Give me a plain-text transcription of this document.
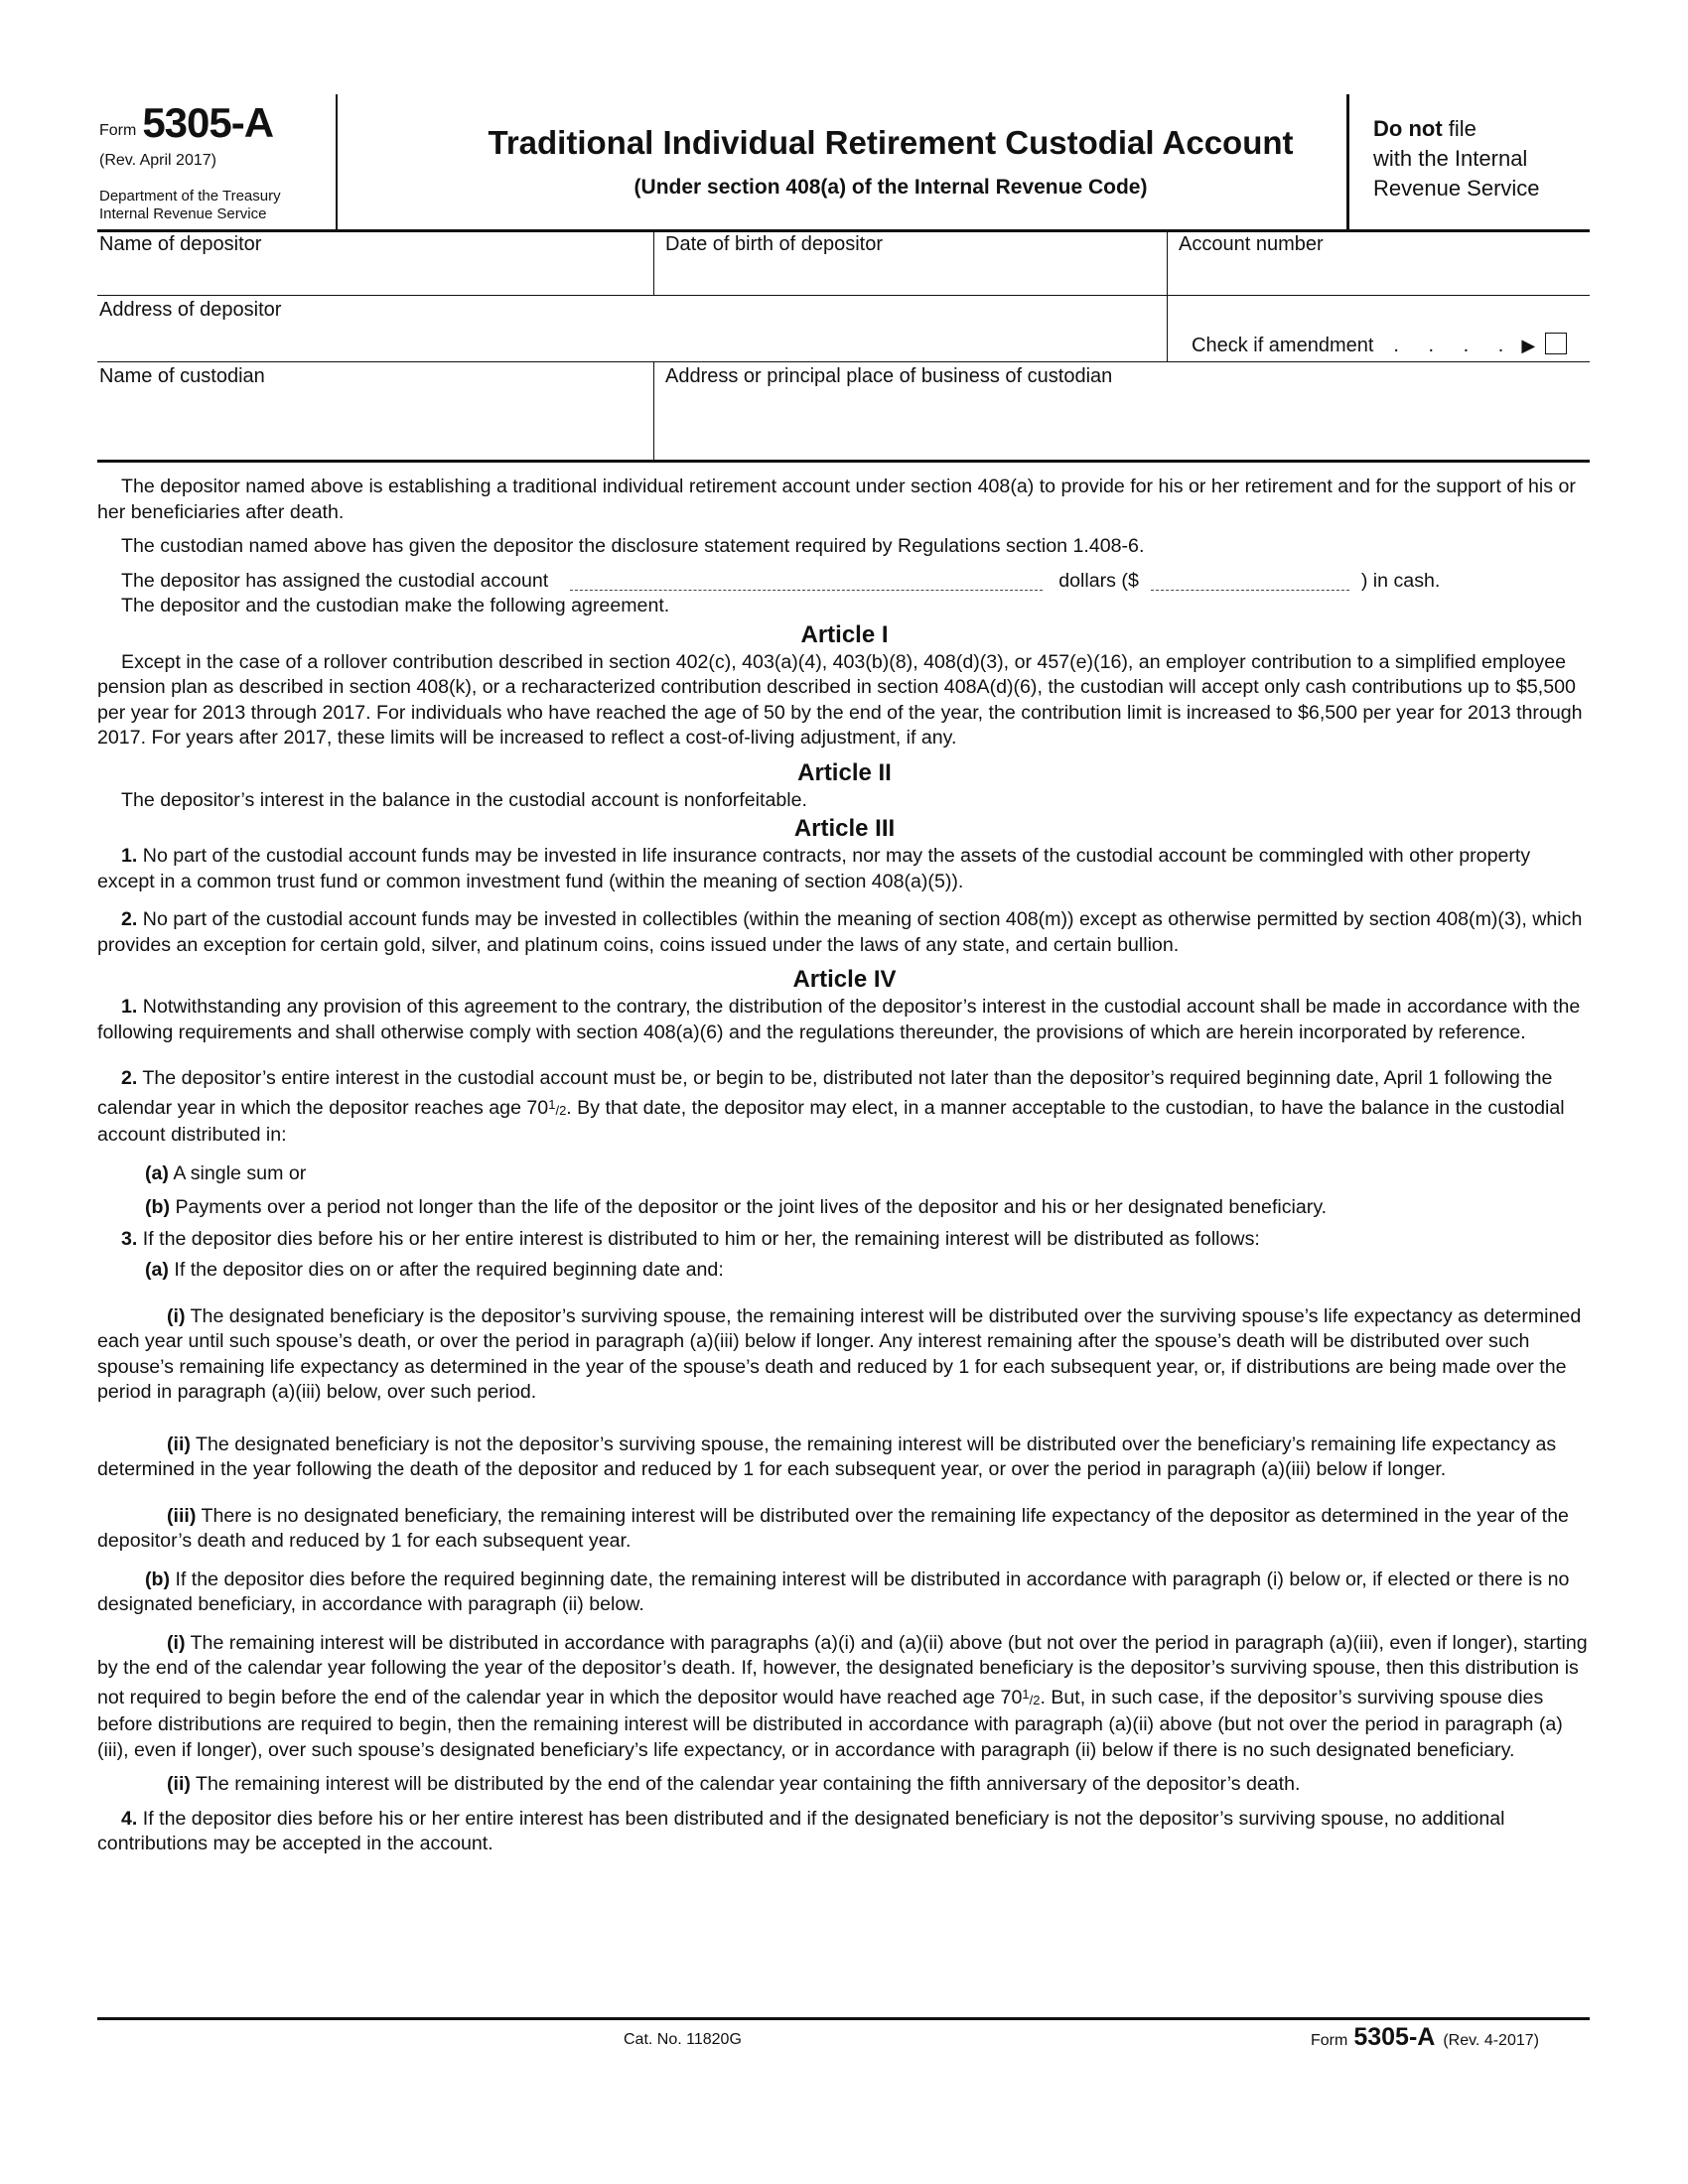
Form 5305-A
(Rev. April 2017)
Department of the Treasury
Internal Revenue Service
Traditional Individual Retirement Custodial Account
(Under section 408(a) of the Internal Revenue Code)
Do not file
with the Internal
Revenue Service
Name of depositor	Date of birth of depositor	Account number
Address of depositor
Check if amendment . . . . ▶
Name of custodian	Address or principal place of business of custodian

The depositor named above is establishing a traditional individual retirement account under section 408(a) to provide for his or her retirement and for the support of his or her beneficiaries after death.

The custodian named above has given the depositor the disclosure statement required by Regulations section 1.408-6.

The depositor has assigned the custodial account	dollars ($	) in cash.

The depositor and the custodian make the following agreement.

Article I

Except in the case of a rollover contribution described in section 402(c), 403(a)(4), 403(b)(8), 408(d)(3), or 457(e)(16), an employer contribution to a simplified employee pension plan as described in section 408(k), or a recharacterized contribution described in section 408A(d)(6), the custodian will accept only cash contributions up to $5,500 per year for 2013 through 2017. For individuals who have reached the age of 50 by the end of the year, the contribution limit is increased to $6,500 per year for 2013 through 2017. For years after 2017, these limits will be increased to reflect a cost-of-living adjustment, if any.

Article II

The depositor’s interest in the balance in the custodial account is nonforfeitable.

Article III

1. No part of the custodial account funds may be invested in life insurance contracts, nor may the assets of the custodial account be commingled with other property except in a common trust fund or common investment fund (within the meaning of section 408(a)(5)).

2. No part of the custodial account funds may be invested in collectibles (within the meaning of section 408(m)) except as otherwise permitted by section 408(m)(3), which provides an exception for certain gold, silver, and platinum coins, coins issued under the laws of any state, and certain bullion.

Article IV

1. Notwithstanding any provision of this agreement to the contrary, the distribution of the depositor’s interest in the custodial account shall be made in accordance with the following requirements and shall otherwise comply with section 408(a)(6) and the regulations thereunder, the provisions of which are herein incorporated by reference.

2. The depositor’s entire interest in the custodial account must be, or begin to be, distributed not later than the depositor’s required beginning date, April 1 following the calendar year in which the depositor reaches age $70^1/2$. By that date, the depositor may elect, in a manner acceptable to the custodian, to have the balance in the custodial account distributed in:

(a) A single sum or

(b) Payments over a period not longer than the life of the depositor or the joint lives of the depositor and his or her designated beneficiary.

3. If the depositor dies before his or her entire interest is distributed to him or her, the remaining interest will be distributed as follows:

(a) If the depositor dies on or after the required beginning date and:

(i) The designated beneficiary is the depositor’s surviving spouse, the remaining interest will be distributed over the surviving spouse’s life expectancy as determined each year until such spouse’s death, or over the period in paragraph (a)(iii) below if longer. Any interest remaining after the spouse’s death will be distributed over such spouse’s remaining life expectancy as determined in the year of the spouse’s death and reduced by 1 for each subsequent year, or, if distributions are being made over the period in paragraph (a)(iii) below, over such period.

(ii) The designated beneficiary is not the depositor’s surviving spouse, the remaining interest will be distributed over the beneficiary’s remaining life expectancy as determined in the year following the death of the depositor and reduced by 1 for each subsequent year, or over the period in paragraph (a)(iii) below if longer.

(iii) There is no designated beneficiary, the remaining interest will be distributed over the remaining life expectancy of the depositor as determined in the year of the depositor’s death and reduced by 1 for each subsequent year.

(b) If the depositor dies before the required beginning date, the remaining interest will be distributed in accordance with paragraph (i) below or, if elected or there is no designated beneficiary, in accordance with paragraph (ii) below.

(i) The remaining interest will be distributed in accordance with paragraphs (a)(i) and (a)(ii) above (but not over the period in paragraph (a)(iii), even if longer), starting by the end of the calendar year following the year of the depositor’s death. If, however, the designated beneficiary is the depositor’s surviving spouse, then this distribution is not required to begin before the end of the calendar year in which the depositor would have reached age $70^1/2$. But, in such case, if the depositor’s surviving spouse dies before distributions are required to begin, then the remaining interest will be distributed in accordance with paragraph (a)(ii) above (but not over the period in paragraph (a)(iii), even if longer), over such spouse’s designated beneficiary’s life expectancy, or in accordance with paragraph (ii) below if there is no such designated beneficiary.

(ii) The remaining interest will be distributed by the end of the calendar year containing the fifth anniversary of the depositor’s death.

4. If the depositor dies before his or her entire interest has been distributed and if the designated beneficiary is not the depositor’s surviving spouse, no additional contributions may be accepted in the account.

Cat. No. 11820G	Form 5305-A (Rev. 4-2017)
